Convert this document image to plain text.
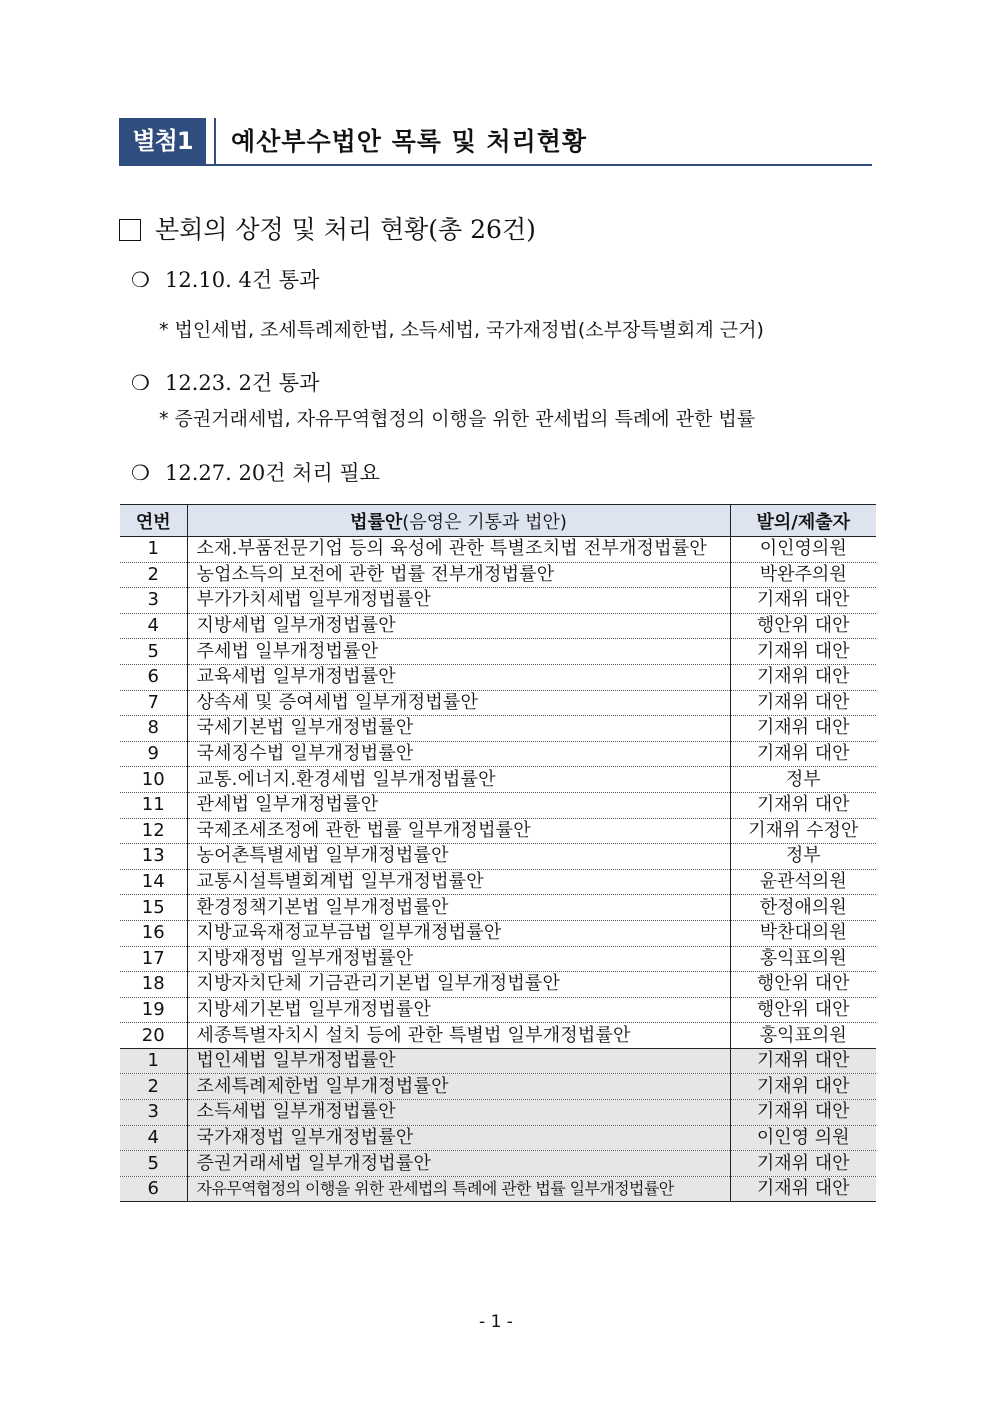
별첨1	예산부수법안 목록 및 처리현황
본회의 상정 및 처리 현황(총 26건)
❍ 12.10. 4건 통과
* 법인세법, 조세특례제한법, 소득세법, 국가재정법(소부장특별회계 근거)
❍ 12.23. 2건 통과
* 증권거래세법, 자유무역협정의 이행을 위한 관세법의 특례에 관한 법률
❍ 12.27. 20건 처리 필요
연번	법률안(음영은 기통과 법안)	발의/제출자
1	소재.부품전문기업 등의 육성에 관한 특별조치법 전부개정법률안	이인영의원
2	농업소득의 보전에 관한 법률 전부개정법률안	박완주의원
3	부가가치세법 일부개정법률안	기재위 대안
4	지방세법 일부개정법률안	행안위 대안
5	주세법 일부개정법률안	기재위 대안
6	교육세법 일부개정법률안	기재위 대안
7	상속세 및 증여세법 일부개정법률안	기재위 대안
8	국세기본법 일부개정법률안	기재위 대안
9	국세징수법 일부개정법률안	기재위 대안
10	교통.에너지.환경세법 일부개정법률안	정부
11	관세법 일부개정법률안	기재위 대안
12	국제조세조정에 관한 법률 일부개정법률안	기재위 수정안
13	농어촌특별세법 일부개정법률안	정부
14	교통시설특별회계법 일부개정법률안	윤관석의원
15	환경정책기본법 일부개정법률안	한정애의원
16	지방교육재정교부금법 일부개정법률안	박찬대의원
17	지방재정법 일부개정법률안	홍익표의원
18	지방자치단체 기금관리기본법 일부개정법률안	행안위 대안
19	지방세기본법 일부개정법률안	행안위 대안
20	세종특별자치시 설치 등에 관한 특별법 일부개정법률안	홍익표의원
1	법인세법 일부개정법률안	기재위 대안
2	조세특례제한법 일부개정법률안	기재위 대안
3	소득세법 일부개정법률안	기재위 대안
4	국가재정법 일부개정법률안	이인영 의원
5	증권거래세법 일부개정법률안	기재위 대안
6	자유무역협정의 이행을 위한 관세법의 특례에 관한 법률 일부개정법률안	기재위 대안
- 1 -
